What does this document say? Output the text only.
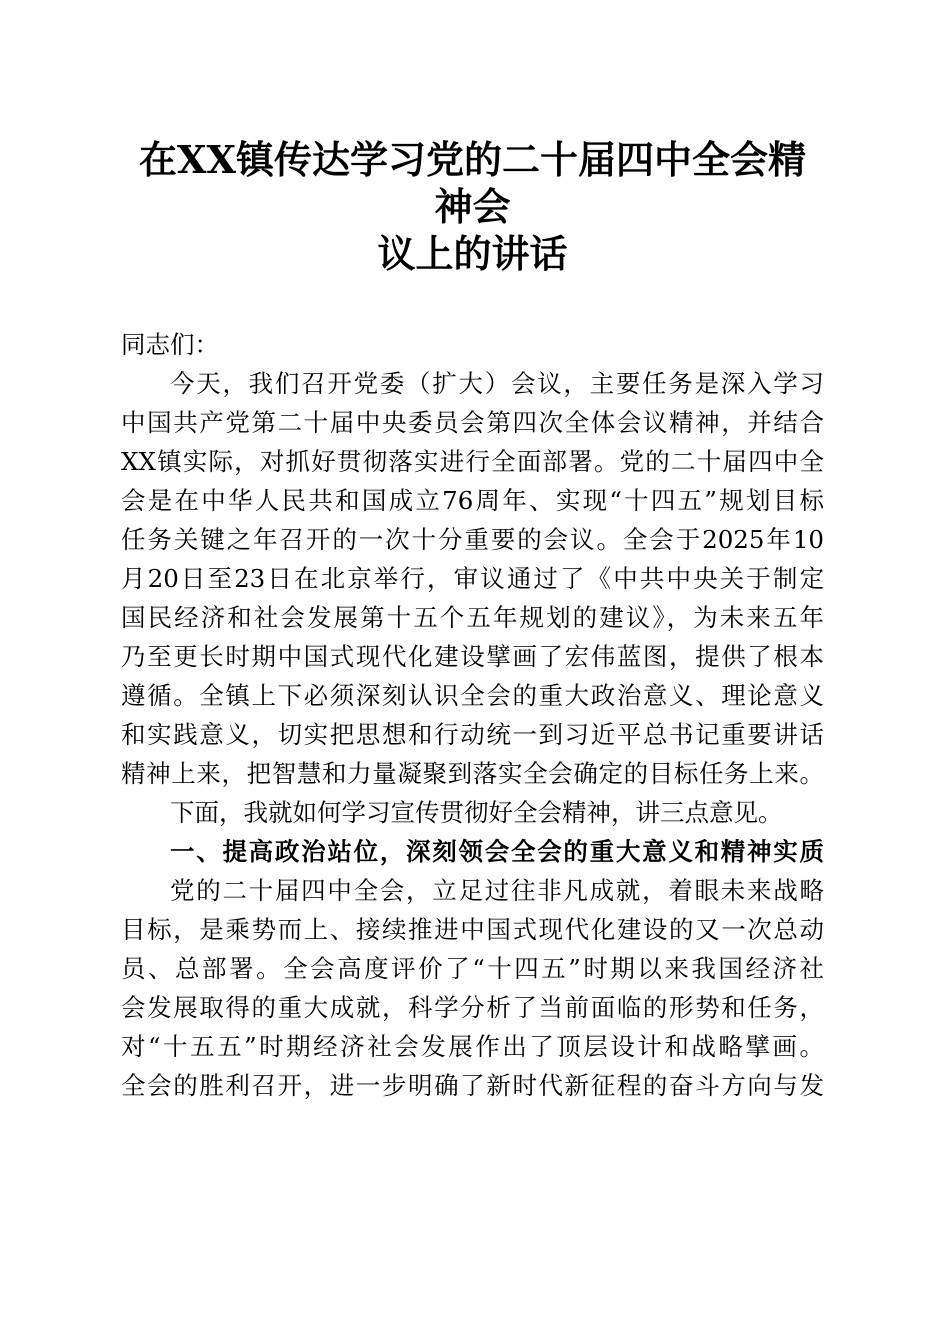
在XX镇传达学习党的二十届四中全会精神会
议上的讲话
同志们：
今天，我们召开党委（扩大）会议，主要任务是深入学习
中国共产党第二十届中央委员会第四次全体会议精神，并结合
XX镇实际，对抓好贯彻落实进行全面部署。党的二十届四中全
会是在中华人民共和国成立76周年、实现“十四五”规划目标
任务关键之年召开的一次十分重要的会议。全会于2025年10
月20日至23日在北京举行，审议通过了《中共中央关于制定
国民经济和社会发展第十五个五年规划的建议》，为未来五年
乃至更长时期中国式现代化建设擘画了宏伟蓝图，提供了根本
遵循。全镇上下必须深刻认识全会的重大政治意义、理论意义
和实践意义，切实把思想和行动统一到习近平总书记重要讲话
精神上来，把智慧和力量凝聚到落实全会确定的目标任务上来。
下面，我就如何学习宣传贯彻好全会精神，讲三点意见。
一、提高政治站位，深刻领会全会的重大意义和精神实质
党的二十届四中全会，立足过往非凡成就，着眼未来战略
目标，是乘势而上、接续推进中国式现代化建设的又一次总动
员、总部署。全会高度评价了“十四五”时期以来我国经济社
会发展取得的重大成就，科学分析了当前面临的形势和任务，
对“十五五”时期经济社会发展作出了顶层设计和战略擘画。
全会的胜利召开，进一步明确了新时代新征程的奋斗方向与发
